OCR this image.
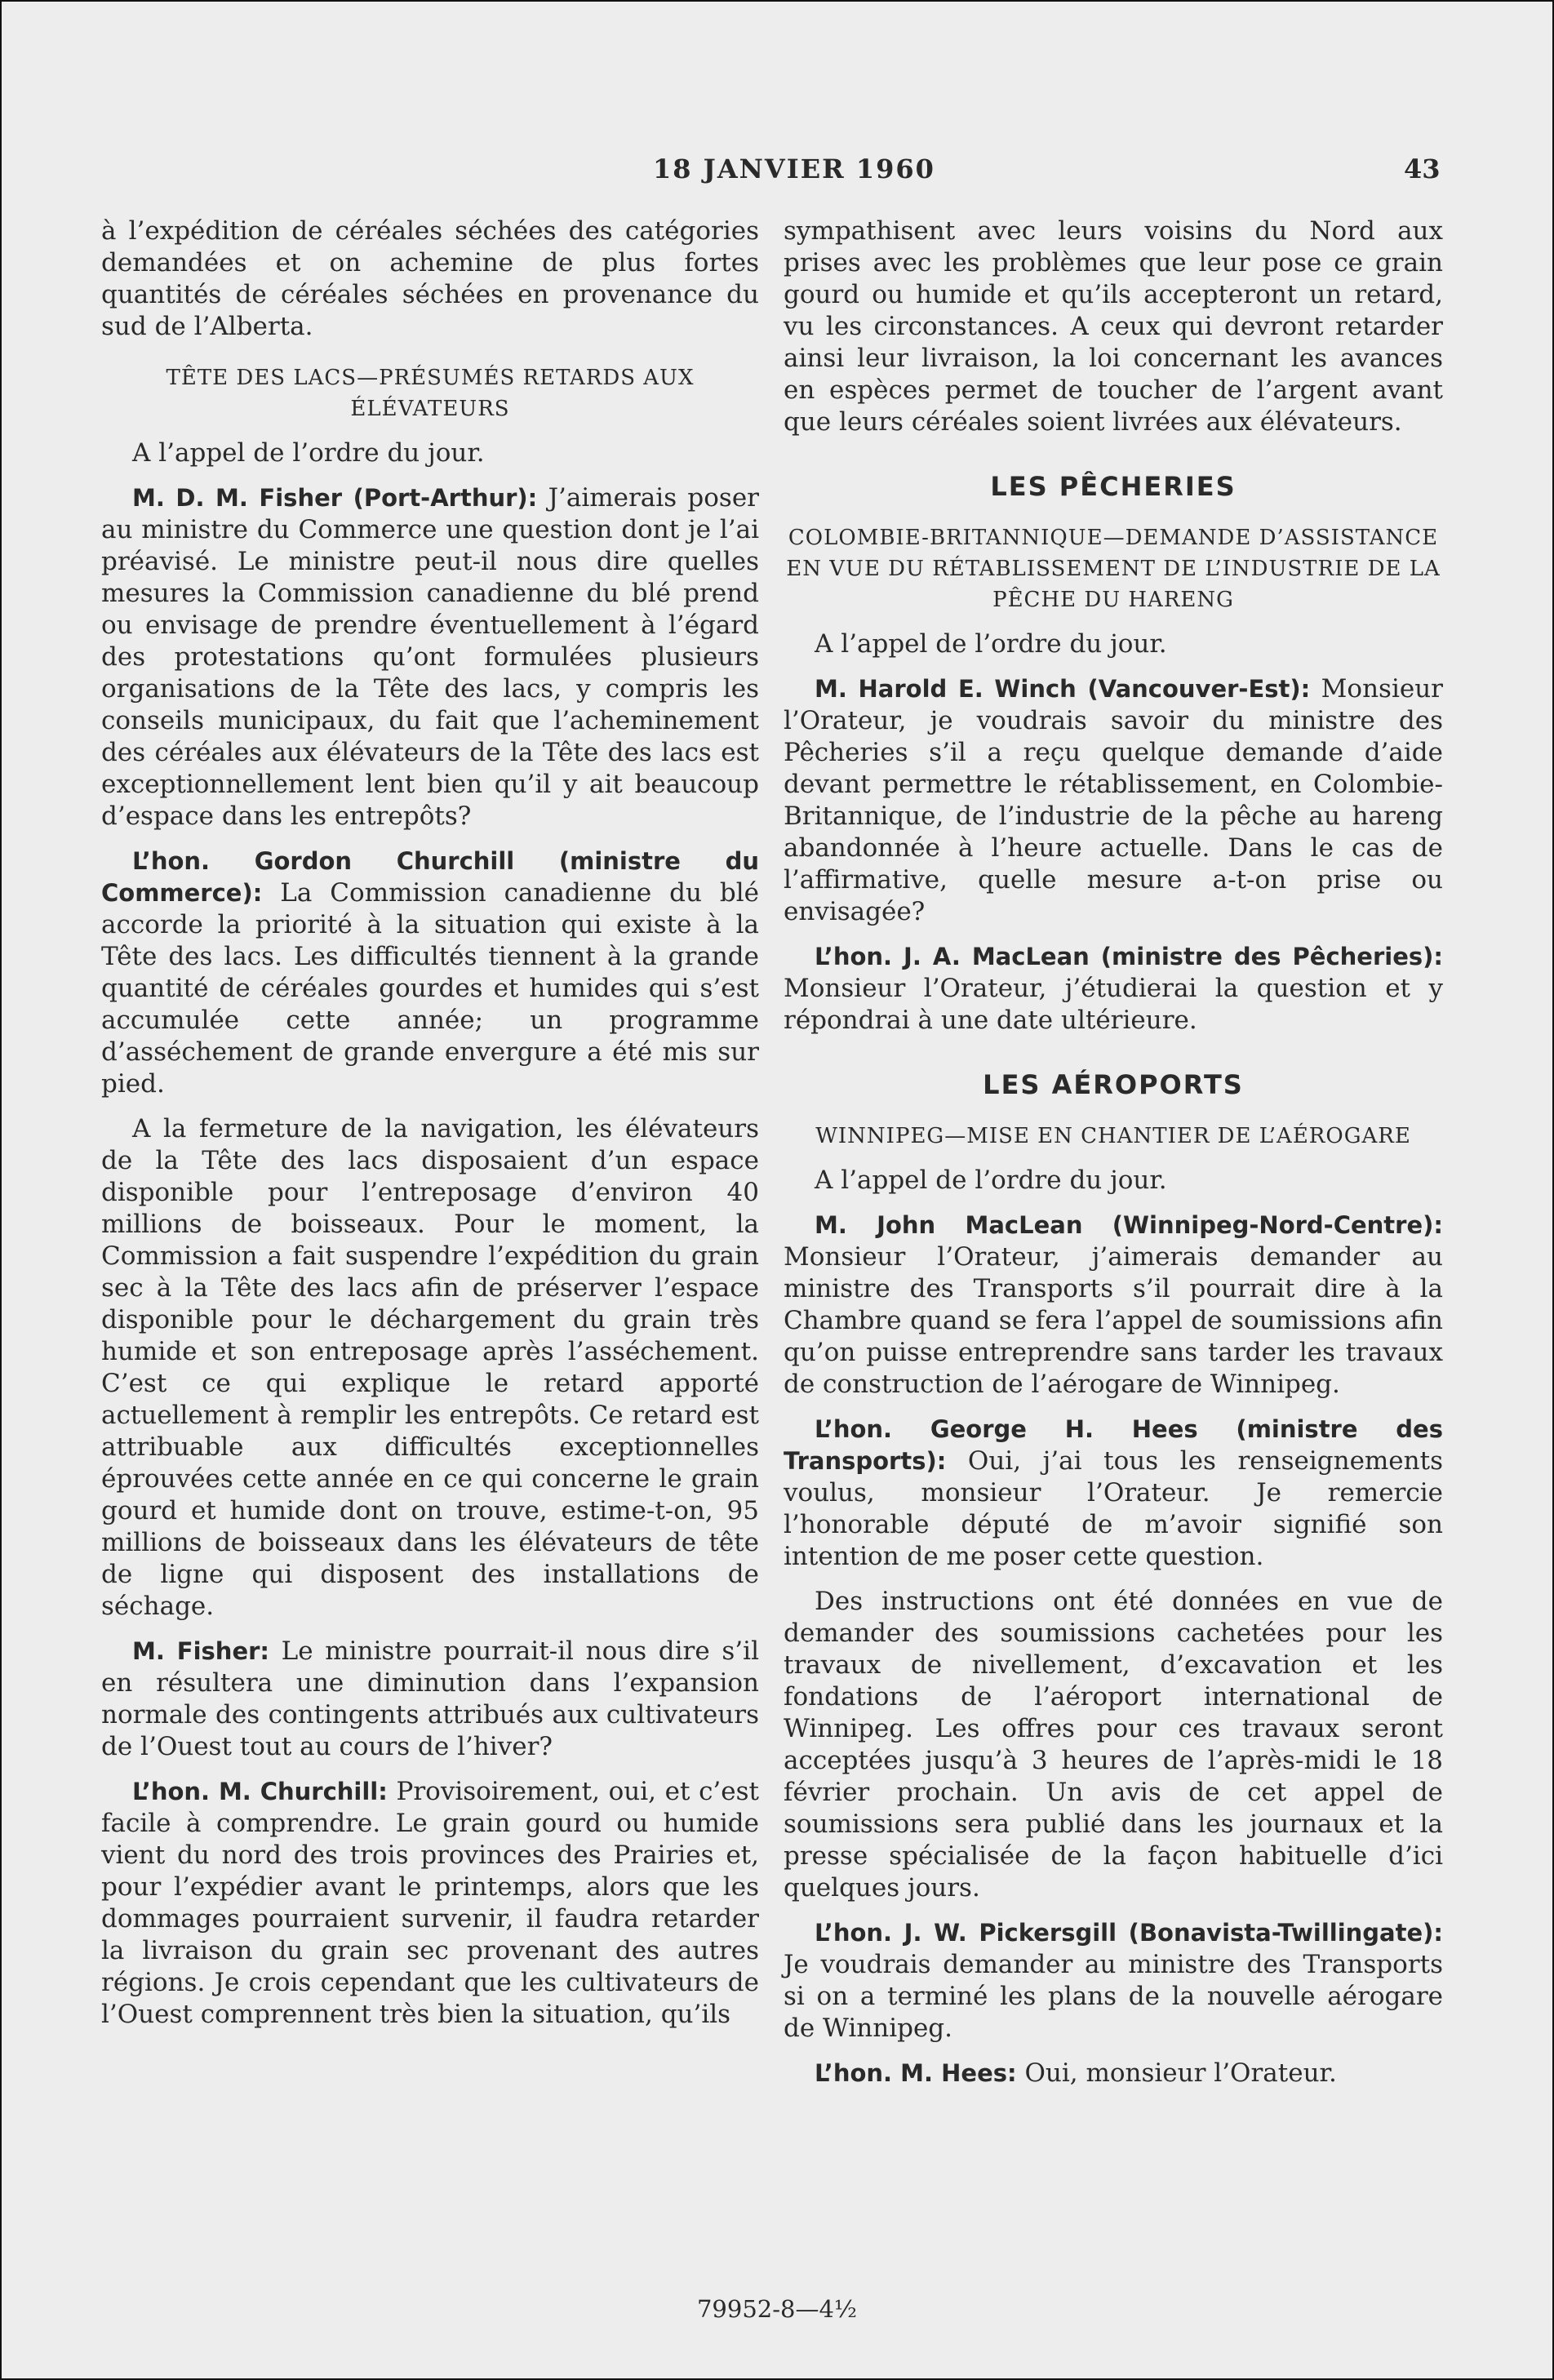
18 JANVIER 1960	43

à l’expédition de céréales séchées des catégories demandées et on achemine de plus fortes quantités de céréales séchées en provenance du sud de l’Alberta.

TÊTE DES LACS—PRÉSUMÉS RETARDS AUX ÉLÉVATEURS

A l’appel de l’ordre du jour.

M. D. M. Fisher (Port-Arthur): J’aimerais poser au ministre du Commerce une question dont je l’ai préavisé. Le ministre peut-il nous dire quelles mesures la Commission canadienne du blé prend ou envisage de prendre éventuellement à l’égard des protestations qu’ont formulées plusieurs organisations de la Tête des lacs, y compris les conseils municipaux, du fait que l’acheminement des céréales aux élévateurs de la Tête des lacs est exceptionnellement lent bien qu’il y ait beaucoup d’espace dans les entrepôts?

L’hon. Gordon Churchill (ministre du Commerce): La Commission canadienne du blé accorde la priorité à la situation qui existe à la Tête des lacs. Les difficultés tiennent à la grande quantité de céréales gourdes et humides qui s’est accumulée cette année; un programme d’asséchement de grande envergure a été mis sur pied.

A la fermeture de la navigation, les élévateurs de la Tête des lacs disposaient d’un espace disponible pour l’entreposage d’environ 40 millions de boisseaux. Pour le moment, la Commission a fait suspendre l’expédition du grain sec à la Tête des lacs afin de préserver l’espace disponible pour le déchargement du grain très humide et son entreposage après l’asséchement. C’est ce qui explique le retard apporté actuellement à remplir les entrepôts. Ce retard est attribuable aux difficultés exceptionnelles éprouvées cette année en ce qui concerne le grain gourd et humide dont on trouve, estime-t-on, 95 millions de boisseaux dans les élévateurs de tête de ligne qui disposent des installations de séchage.

M. Fisher: Le ministre pourrait-il nous dire s’il en résultera une diminution dans l’expansion normale des contingents attribués aux cultivateurs de l’Ouest tout au cours de l’hiver?

L’hon. M. Churchill: Provisoirement, oui, et c’est facile à comprendre. Le grain gourd ou humide vient du nord des trois provinces des Prairies et, pour l’expédier avant le printemps, alors que les dommages pourraient survenir, il faudra retarder la livraison du grain sec provenant des autres régions. Je crois cependant que les cultivateurs de l’Ouest comprennent très bien la situation, qu’ils

sympathisent avec leurs voisins du Nord aux prises avec les problèmes que leur pose ce grain gourd ou humide et qu’ils accepteront un retard, vu les circonstances. A ceux qui devront retarder ainsi leur livraison, la loi concernant les avances en espèces permet de toucher de l’argent avant que leurs céréales soient livrées aux élévateurs.

LES PÊCHERIES
COLOMBIE-BRITANNIQUE—DEMANDE D’ASSISTANCE EN VUE DU RÉTABLISSEMENT DE L’INDUSTRIE DE LA PÊCHE DU HARENG

A l’appel de l’ordre du jour.

M. Harold E. Winch (Vancouver-Est): Monsieur l’Orateur, je voudrais savoir du ministre des Pêcheries s’il a reçu quelque demande d’aide devant permettre le rétablissement, en Colombie-Britannique, de l’industrie de la pêche au hareng abandonnée à l’heure actuelle. Dans le cas de l’affirmative, quelle mesure a-t-on prise ou envisagée?

L’hon. J. A. MacLean (ministre des Pêcheries): Monsieur l’Orateur, j’étudierai la question et y répondrai à une date ultérieure.

LES AÉROPORTS
WINNIPEG—MISE EN CHANTIER DE L’AÉROGARE

A l’appel de l’ordre du jour.

M. John MacLean (Winnipeg-Nord-Centre): Monsieur l’Orateur, j’aimerais demander au ministre des Transports s’il pourrait dire à la Chambre quand se fera l’appel de soumissions afin qu’on puisse entreprendre sans tarder les travaux de construction de l’aérogare de Winnipeg.

L’hon. George H. Hees (ministre des Transports): Oui, j’ai tous les renseignements voulus, monsieur l’Orateur. Je remercie l’honorable député de m’avoir signifié son intention de me poser cette question.

Des instructions ont été données en vue de demander des soumissions cachetées pour les travaux de nivellement, d’excavation et les fondations de l’aéroport international de Winnipeg. Les offres pour ces travaux seront acceptées jusqu’à 3 heures de l’après-midi le 18 février prochain. Un avis de cet appel de soumissions sera publié dans les journaux et la presse spécialisée de la façon habituelle d’ici quelques jours.

L’hon. J. W. Pickersgill (Bonavista-Twillingate): Je voudrais demander au ministre des Transports si on a terminé les plans de la nouvelle aérogare de Winnipeg.

L’hon. M. Hees: Oui, monsieur l’Orateur.

79952-8—4½
